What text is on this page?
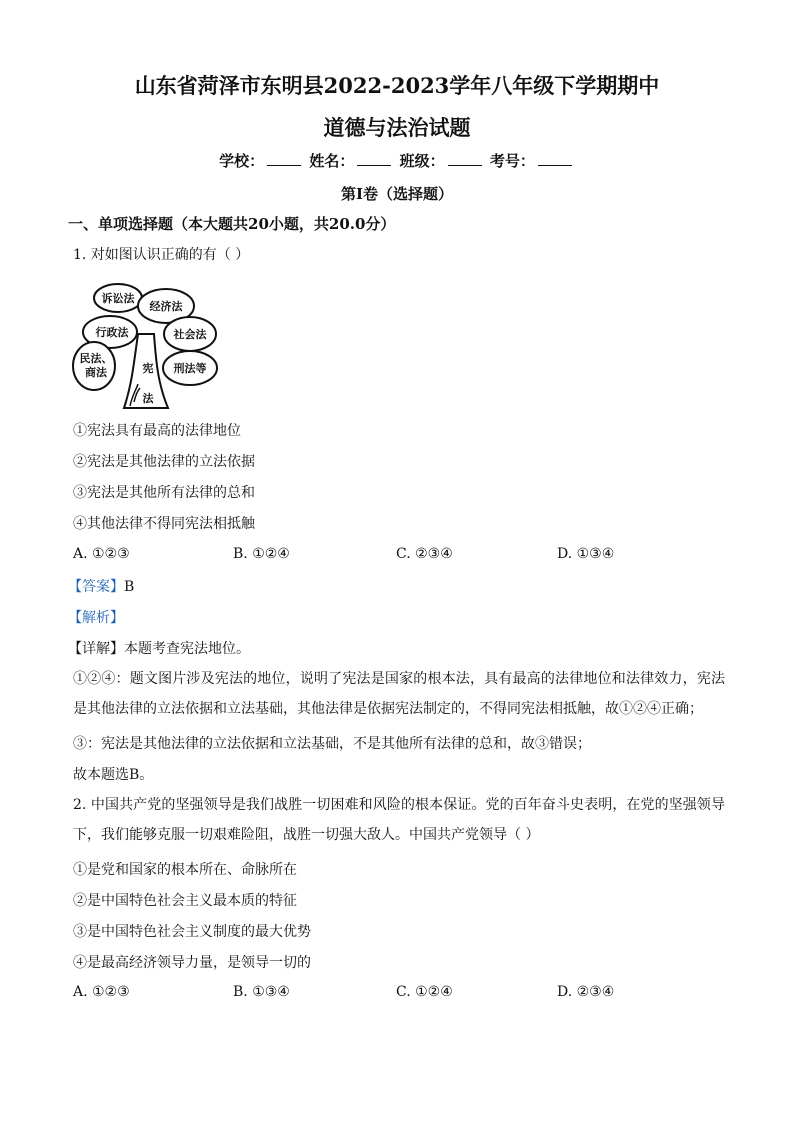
山东省菏泽市东明县2022-2023学年八年级下学期期中
道德与法治试题
学校：	姓名：	班级：	考号：
第I卷（选择题）
一、单项选择题（本大题共20小题，共20.0分）
1. 对如图认识正确的有（ ）
诉讼法
经济法
行政法	社会法
民法、
商法	宪
法
刑法等
①宪法具有最高的法律地位
②宪法是其他法律的立法依据
③宪法是其他所有法律的总和
④其他法律不得同宪法相抵触
A. ①②③	B. ①②④	C. ②③④	D. ①③④
【答案】B
【解析】
【详解】本题考查宪法地位。
①②④：题文图片涉及宪法的地位，说明了宪法是国家的根本法，具有最高的法律地位和法律效力，宪法是其他法律的立法依据和立法基础，其他法律是依据宪法制定的，不得同宪法相抵触，故①②④正确；
③：宪法是其他法律的立法依据和立法基础，不是其他所有法律的总和，故③错误；
故本题选B。
2. 中国共产党的坚强领导是我们战胜一切困难和风险的根本保证。党的百年奋斗史表明，在党的坚强领导下，我们能够克服一切艰难险阻，战胜一切强大敌人。中国共产党领导（ ）
①是党和国家的根本所在、命脉所在
②是中国特色社会主义最本质的特征
③是中国特色社会主义制度的最大优势
④是最高经济领导力量，是领导一切的
A. ①②③	B. ①③④	C. ①②④	D. ②③④
